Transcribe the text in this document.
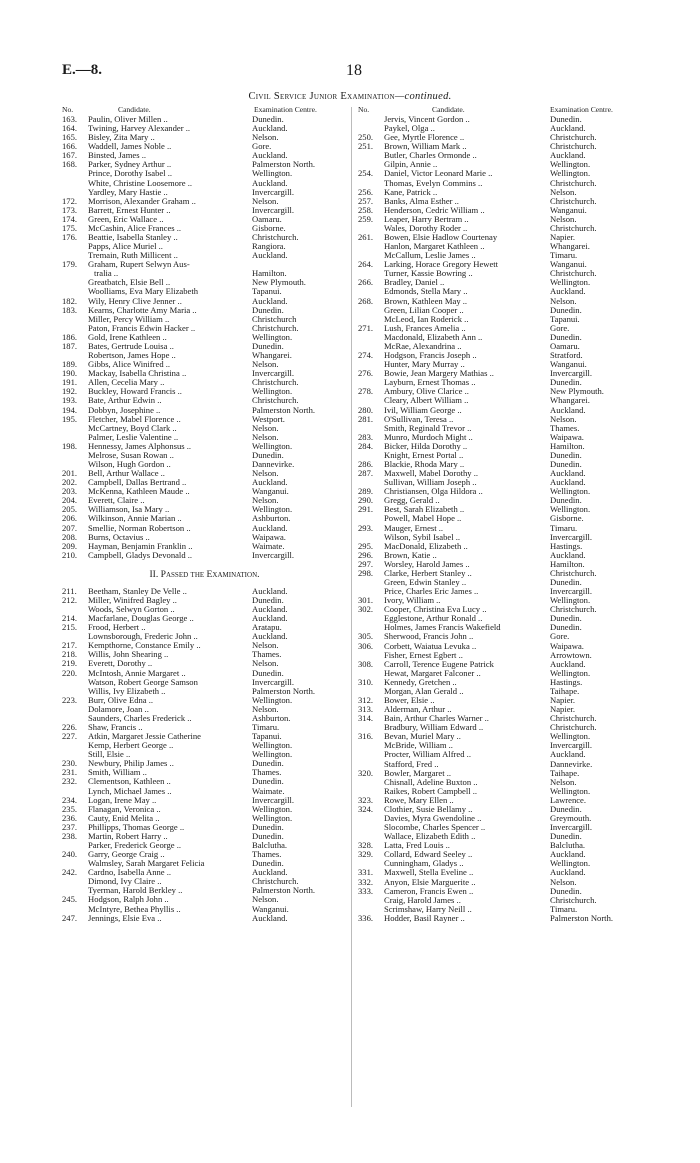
E.—8.	18
Civil Service Junior Examination—continued.
No.	Candidate.	Examination Centre.
163.	Paulin, Oliver Millen ..	Dunedin.
164.	Twining, Harvey Alexander ..	Auckland.
165.	Bisley, Zita Mary ..	Nelson.
166.	Waddell, James Noble ..	Gore.
167.	Binsted, James ..	Auckland.
168.	Parker, Sydney Arthur ..	Palmerston North.
Prince, Dorothy Isabel ..	Wellington.
White, Christine Loosemore ..	Auckland.
Yardley, Mary Hastie ..	Invercargill.
172.	Morrison, Alexander Graham ..	Nelson.
173.	Barrett, Ernest Hunter ..	Invercargill.
174.	Green, Eric Wallace ..	Oamaru.
175.	McCashin, Alice Frances ..	Gisborne.
176.	Beattie, Isabella Stanley ..	Christchurch.
Papps, Alice Muriel ..	Rangiora.
Tremain, Ruth Millicent ..	Auckland.
179.	Graham, Rupert Selwyn Aus-
tralia ..	Hamilton.
Greatbatch, Elsie Bell ..	New Plymouth.
Woolliams, Eva Mary Elizabeth	Tapanui.
182.	Wily, Henry Clive Jenner ..	Auckland.
183.	Kearns, Charlotte Amy Maria ..	Dunedin.
Miller, Percy William ..	Christchurch
Paton, Francis Edwin Hacker ..	Christchurch.
186.	Gold, Irene Kathleen ..	Wellington.
187.	Bates, Gertrude Louisa ..	Dunedin.
Robertson, James Hope ..	Whangarei.
189.	Gibbs, Alice Winifred ..	Nelson.
190.	Mackay, Isabella Christina ..	Invercargill.
191.	Allen, Cecelia Mary ..	Christchurch.
192.	Buckley, Howard Francis ..	Wellington.
193.	Bate, Arthur Edwin ..	Christchurch.
194.	Dobbyn, Josephine ..	Palmerston North.
195.	Fletcher, Mabel Florence ..	Westport.
McCartney, Boyd Clark ..	Nelson.
Palmer, Leslie Valentine ..	Nelson.
198.	Hennessy, James Alphonsus ..	Wellington.
Melrose, Susan Rowan ..	Dunedin.
Wilson, Hugh Gordon ..	Dannevirke.
201.	Bell, Arthur Wallace ..	Nelson.
202.	Campbell, Dallas Bertrand ..	Auckland.
203.	McKenna, Kathleen Maude ..	Wanganui.
204.	Everett, Claire ..	Nelson.
205.	Williamson, Isa Mary ..	Wellington.
206.	Wilkinson, Annie Marian ..	Ashburton.
207.	Smellie, Norman Robertson ..	Auckland.
208.	Burns, Octavius ..	Waipawa.
209.	Hayman, Benjamin Franklin ..	Waimate.
210.	Campbell, Gladys Devonald ..	Invercargill.
II. Passed the Examination.
211.	Beetham, Stanley De Velle ..	Auckland.
212.	Miller, Winifred Bagley ..	Dunedin.
Woods, Selwyn Gorton ..	Auckland.
214.	Macfarlane, Douglas George ..	Auckland.
215.	Frood, Herbert ..	Aratapu.
Lownsborough, Frederic John ..	Auckland.
217.	Kempthorne, Constance Emily ..	Nelson.
218.	Willis, John Shearing ..	Thames.
219.	Everett, Dorothy ..	Nelson.
220.	McIntosh, Annie Margaret ..	Dunedin.
Watson, Robert George Samson	Invercargill.
Willis, Ivy Elizabeth ..	Palmerston North.
223.	Burr, Olive Edna ..	Wellington.
Dolamore, Joan ..	Nelson.
Saunders, Charles Frederick ..	Ashburton.
226.	Shaw, Francis ..	Timaru.
227.	Atkin, Margaret Jessie Catherine	Tapanui.
Kemp, Herbert George ..	Wellington.
Still, Elsie ..	Wellington.
230.	Newbury, Philip James ..	Dunedin.
231.	Smith, William ..	Thames.
232.	Clementson, Kathleen ..	Dunedin.
Lynch, Michael James ..	Waimate.
234.	Logan, Irene May ..	Invercargill.
235.	Flanagan, Veronica ..	Wellington.
236.	Cauty, Enid Melita ..	Wellington.
237.	Phillipps, Thomas George ..	Dunedin.
238.	Martin, Robert Harry ..	Dunedin.
Parker, Frederick George ..	Balclutha.
240.	Garry, George Craig ..	Thames.
Walmsley, Sarah Margaret Felicia	Dunedin.
242.	Cardno, Isabella Anne ..	Auckland.
Dimond, Ivy Claire ..	Christchurch.
Tyerman, Harold Berkley ..	Palmerston North.
245.	Hodgson, Ralph John ..	Nelson.
McIntyre, Bethea Phyllis ..	Wanganui.
247.	Jennings, Elsie Eva ..	Auckland.
No.	Candidate.	Examination Centre.
Jervis, Vincent Gordon ..	Dunedin.
Paykel, Olga ..	Auckland.
250.	Gee, Myrtle Florence ..	Christchurch.
251.	Brown, William Mark ..	Christchurch.
Butler, Charles Ormonde ..	Auckland.
Gilpin, Annie ..	Wellington.
254.	Daniel, Victor Leonard Marie ..	Wellington.
Thomas, Evelyn Commins ..	Christchurch.
256.	Kane, Patrick ..	Nelson.
257.	Banks, Alma Esther ..	Christchurch.
258.	Henderson, Cedric William ..	Wanganui.
259.	Leaper, Harry Bertram ..	Nelson.
Wales, Dorothy Roder ..	Christchurch.
261.	Bowen, Elsie Hadlow Courtenay	Napier.
Hanlon, Margaret Kathleen ..	Whangarei.
McCallum, Leslie James ..	Timaru.
264.	Larking, Horace Gregory Hewett	Wanganui.
Turner, Kassie Bowring ..	Christchurch.
266.	Bradley, Daniel ..	Wellington.
Edmonds, Stella Mary ..	Auckland.
268.	Brown, Kathleen May ..	Nelson.
Green, Lilian Cooper ..	Dunedin.
McLeod, Ian Roderick ..	Tapanui.
271.	Lush, Frances Amelia ..	Gore.
Macdonald, Elizabeth Ann ..	Dunedin.
McRae, Alexandrina ..	Oamaru.
274.	Hodgson, Francis Joseph ..	Stratford.
Hunter, Mary Murray ..	Wanganui.
276.	Bowie, Jean Margery Mathias ..	Invercargill.
Layburn, Ernest Thomas ..	Dunedin.
278.	Ambury, Olive Clarice ..	New Plymouth.
Cleary, Albert William ..	Whangarei.
280.	Ivil, William George ..	Auckland.
281.	O'Sullivan, Teresa ..	Nelson.
Smith, Reginald Trevor ..	Thames.
283.	Munro, Murdoch Might ..	Waipawa.
284.	Bicker, Hilda Dorothy ..	Hamilton.
Knight, Ernest Portal ..	Dunedin.
286.	Blackie, Rhoda Mary ..	Dunedin.
287.	Maxwell, Mabel Dorothy ..	Auckland.
Sullivan, William Joseph ..	Auckland.
289.	Christiansen, Olga Hildora ..	Wellington.
290.	Gregg, Gerald ..	Dunedin.
291.	Best, Sarah Elizabeth ..	Wellington.
Powell, Mabel Hope ..	Gisborne.
293.	Mauger, Ernest ..	Timaru.
Wilson, Sybil Isabel ..	Invercargill.
295.	MacDonald, Elizabeth ..	Hastings.
296.	Brown, Katie ..	Auckland.
297.	Worsley, Harold James ..	Hamilton.
298.	Clarke, Herbert Stanley ..	Christchurch.
Green, Edwin Stanley ..	Dunedin.
Price, Charles Eric James ..	Invercargill.
301.	Ivory, William ..	Wellington.
302.	Cooper, Christina Eva Lucy ..	Christchurch.
Egglestone, Arthur Ronald ..	Dunedin.
Holmes, James Francis Wakefield	Dunedin.
305.	Sherwood, Francis John ..	Gore.
306.	Corbett, Waiatua Levuka ..	Waipawa.
Fisher, Ernest Egbert ..	Arrowtown.
308.	Carroll, Terence Eugene Patrick	Auckland.
Hewat, Margaret Falconer ..	Wellington.
310.	Kennedy, Gretchen ..	Hastings.
Morgan, Alan Gerald ..	Taihape.
312.	Bower, Elsie ..	Napier.
313.	Alderman, Arthur ..	Napier.
314.	Bain, Arthur Charles Warner ..	Christchurch.
Bradbury, William Edward ..	Christchurch.
316.	Bevan, Muriel Mary ..	Wellington.
McBride, William ..	Invercargill.
Procter, William Alfred ..	Auckland.
Stafford, Fred ..	Dannevirke.
320.	Bowler, Margaret ..	Taihape.
Chisnall, Adeline Buxton ..	Nelson.
Raikes, Robert Campbell ..	Wellington.
323.	Rowe, Mary Ellen ..	Lawrence.
324.	Clothier, Susie Bellamy ..	Dunedin.
Davies, Myra Gwendoline ..	Greymouth.
Slocombe, Charles Spencer ..	Invercargill.
Wallace, Elizabeth Edith ..	Dunedin.
328.	Latta, Fred Louis ..	Balclutha.
329.	Collard, Edward Seeley ..	Auckland.
Cunningham, Gladys ..	Wellington.
331.	Maxwell, Stella Eveline ..	Auckland.
332.	Anyon, Elsie Marguerite ..	Nelson.
333.	Cameron, Francis Ewen ..	Dunedin.
Craig, Harold James ..	Christchurch.
Scrimshaw, Harry Neill ..	Timaru.
336.	Hodder, Basil Rayner ..	Palmerston North.
